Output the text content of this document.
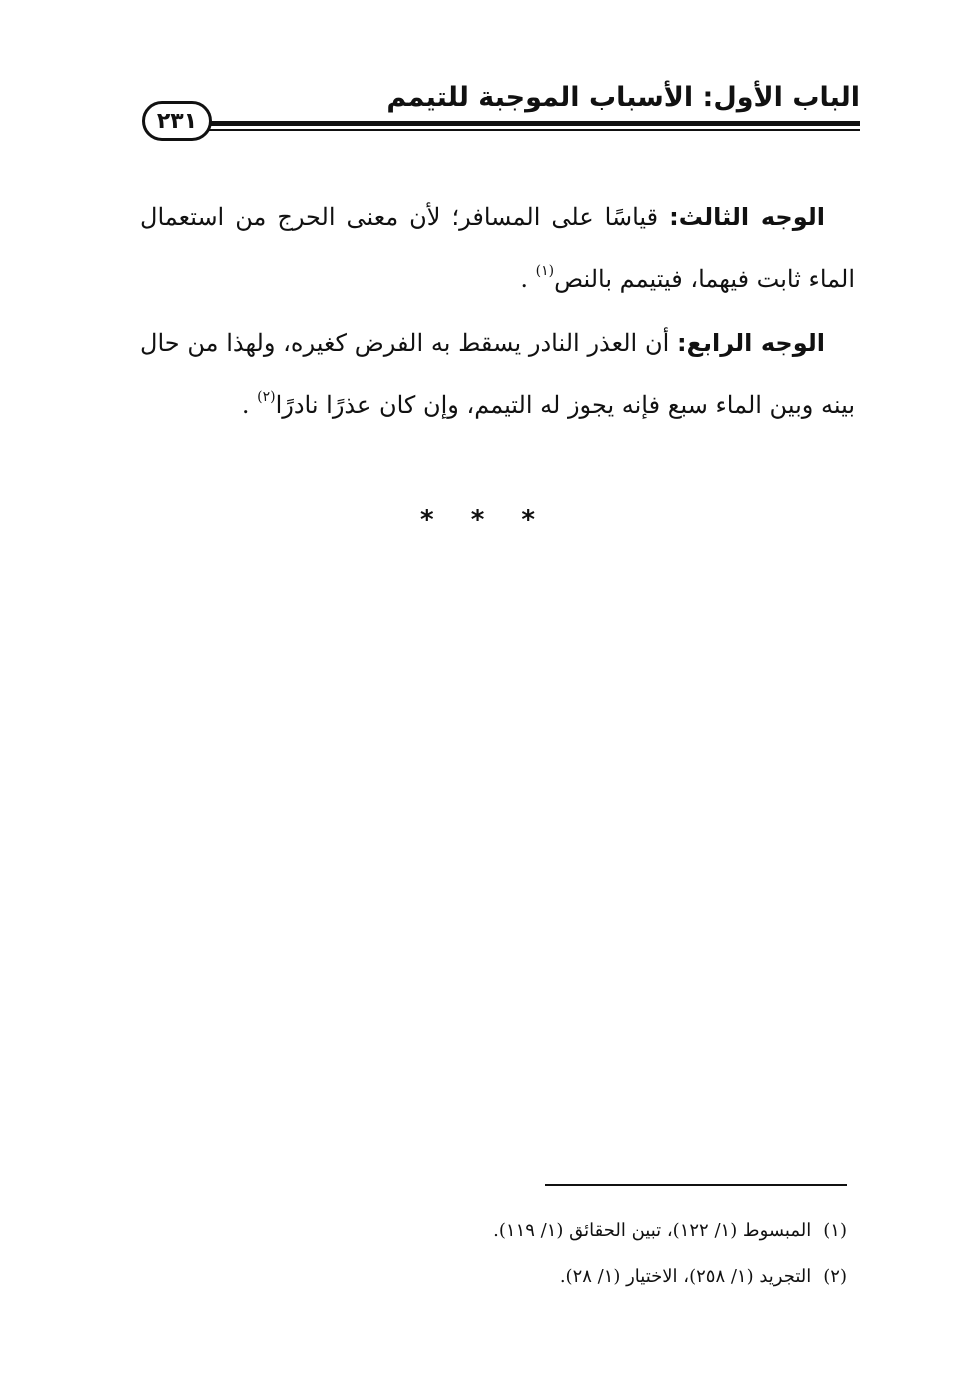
الباب الأول: الأسباب الموجبة للتيمم
٢٣١

الوجه الثالث: قياسًا على المسافر؛ لأن معنى الحرج من استعمال الماء ثابت فيهما، فيتيمم بالنص$^{(١)}$ .

الوجه الرابع: أن العذر النادر يسقط به الفرض كغيره، ولهذا من حال بينه وبين الماء سبع فإنه يجوز له التيمم، وإن كان عذرًا نادرًا$^{(٢)}$ .

* * *
(١)المبسوط (١/ ١٢٢)، تبين الحقائق (١/ ١١٩).
(٢)التجريد (١/ ٢٥٨)، الاختيار (١/ ٢٨).
